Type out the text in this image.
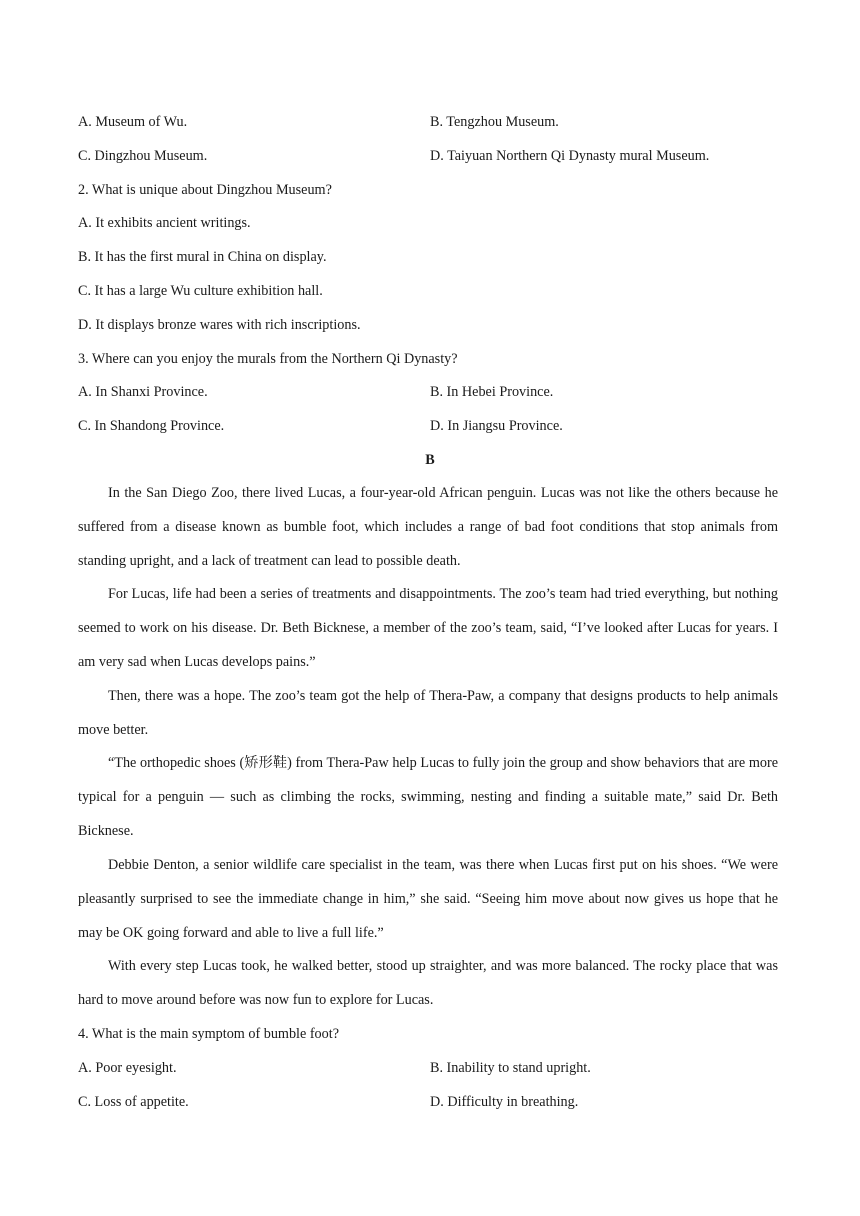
A. Museum of Wu.	B. Tengzhou Museum.
C. Dingzhou Museum.	D. Taiyuan Northern Qi Dynasty mural Museum.
2. What is unique about Dingzhou Museum?
A. It exhibits ancient writings.
B. It has the first mural in China on display.
C. It has a large Wu culture exhibition hall.
D. It displays bronze wares with rich inscriptions.
3. Where can you enjoy the murals from the Northern Qi Dynasty?
A. In Shanxi Province.	B. In Hebei Province.
C. In Shandong Province.	D. In Jiangsu Province.
B

In the San Diego Zoo, there lived Lucas, a four-year-old African penguin. Lucas was not like the others because he suffered from a disease known as bumble foot, which includes a range of bad foot conditions that stop animals from standing upright, and a lack of treatment can lead to possible death.

For Lucas, life had been a series of treatments and disappointments. The zoo’s team had tried everything, but nothing seemed to work on his disease. Dr. Beth Bicknese, a member of the zoo’s team, said, “I’ve looked after Lucas for years. I am very sad when Lucas develops pains.”

Then, there was a hope. The zoo’s team got the help of Thera-Paw, a company that designs products to help animals move better.

“The orthopedic shoes (矫形鞋) from Thera-Paw help Lucas to fully join the group and show behaviors that are more typical for a penguin — such as climbing the rocks, swimming, nesting and finding a suitable mate,” said Dr. Beth Bicknese.

Debbie Denton, a senior wildlife care specialist in the team, was there when Lucas first put on his shoes. “We were pleasantly surprised to see the immediate change in him,” she said. “Seeing him move about now gives us hope that he may be OK going forward and able to live a full life.”

With every step Lucas took, he walked better, stood up straighter, and was more balanced. The rocky place that was hard to move around before was now fun to explore for Lucas.

4. What is the main symptom of bumble foot?
A. Poor eyesight.	B. Inability to stand upright.
C. Loss of appetite.	D. Difficulty in breathing.
